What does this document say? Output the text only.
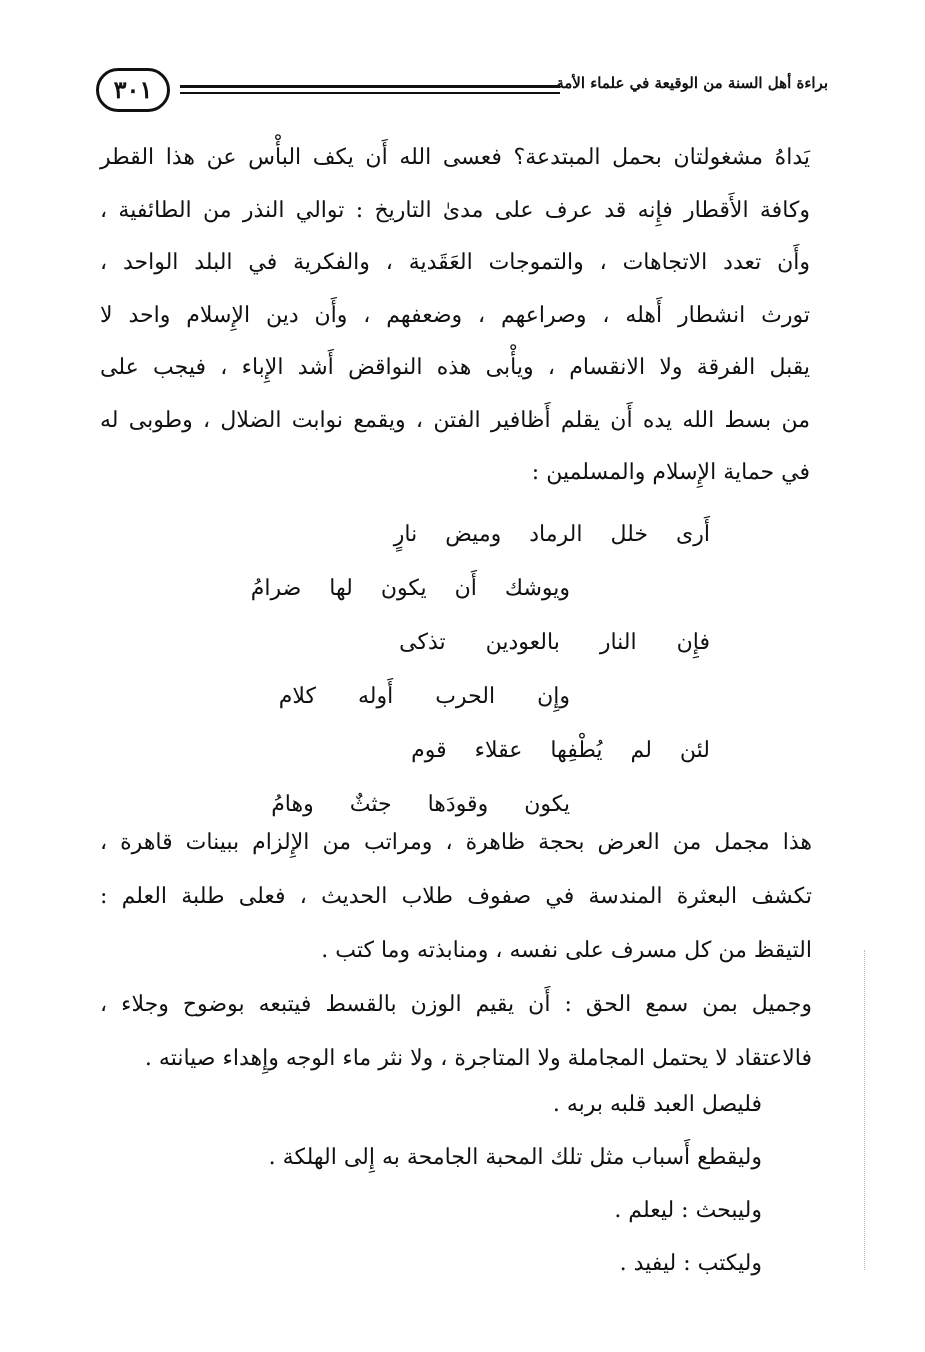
٣٠١	براءة أهل السنة من الوقيعة في علماء الأمة
يَداهُ مشغولتان بحمل المبتدعة؟ فعسى الله أَن يكف البأْس عن هذا القطر
وكافة الأَقطار فإِنه قد عرف على مدىٰ التاريخ : توالي النذر من الطائفية ،
وأَن تعدد الاتجاهات ، والتموجات العَقَدية ، والفكرية في البلد الواحد ،
تورث انشطار أَهله ، وصراعهم ، وضعفهم ، وأَن دين الإِسلام واحد لا
يقبل الفرقة ولا الانقسام ، ويأْبى هذه النواقض أَشد الإِباء ، فيجب على
من بسط الله يده أَن يقلم أَظافير الفتن ، ويقمع نوابت الضلال ، وطوبى له
في حماية الإِسلام والمسلمين :
أَرى
خلل
الرماد
وميض
نارٍ
ويوشك
أَن
يكون
لها
ضرامُ
فإِن
النار
بالعودين
تذكى
وإِن
الحرب
أَوله
كلام
لئن
لم
يُطْفِها
عقلاء
قوم
يكون
وقودَها
جثثٌ
وهامُ
هذا مجمل من العرض بحجة ظاهرة ، ومراتب من الإِلزام ببينات قاهرة ،
تكشف البعثرة المندسة في صفوف طلاب الحديث ، فعلى طلبة العلم :
التيقظ من كل مسرف على نفسه ، ومنابذته وما كتب .
وجميل بمن سمع الحق : أَن يقيم الوزن بالقسط فيتبعه بوضوح وجلاء ،
فالاعتقاد لا يحتمل المجاملة ولا المتاجرة ، ولا نثر ماء الوجه وإِهداء صيانته .
فليصل العبد قلبه بربه .
وليقطع أَسباب مثل تلك المحبة الجامحة به إِلى الهلكة .
وليبحث : ليعلم .
وليكتب : ليفيد .
